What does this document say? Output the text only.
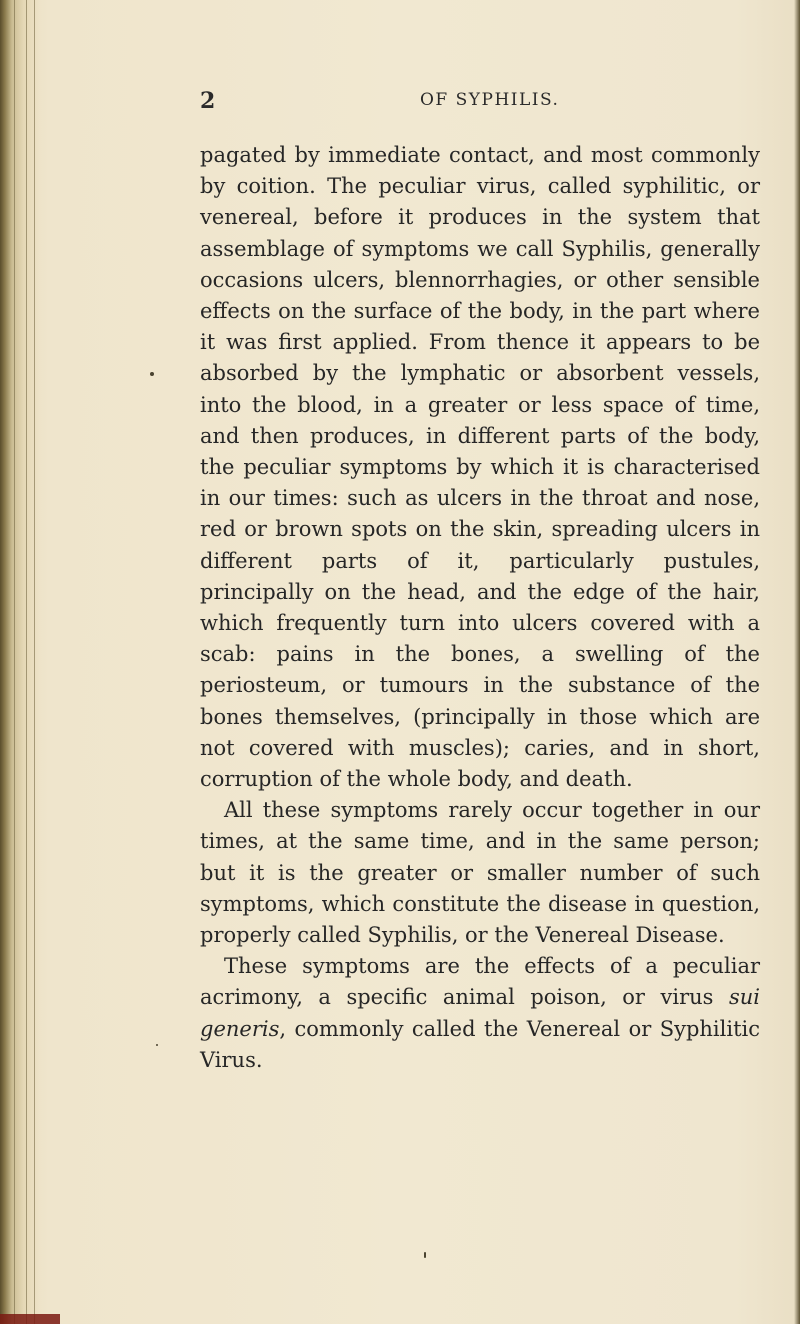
2	OF SYPHILIS.

pagated by immediate contact, and most commonly by coition. The peculiar virus, called syphilitic, or venereal, before it produces in the system that assemblage of symptoms we call Syphilis, generally occasions ulcers, blennorrhagies, or other sensible effects on the surface of the body, in the part where it was first applied. From thence it appears to be absorbed by the lymphatic or absorbent vessels, into the blood, in a greater or less space of time, and then produces, in different parts of the body, the peculiar symptoms by which it is characterised in our times: such as ulcers in the throat and nose, red or brown spots on the skin, spreading ulcers in different parts of it, particularly pustules, principally on the head, and the edge of the hair, which frequently turn into ulcers covered with a scab: pains in the bones, a swelling of the periosteum, or tumours in the substance of the bones themselves, (principally in those which are not covered with muscles); caries, and in short, corruption of the whole body, and death.

All these symptoms rarely occur together in our times, at the same time, and in the same person; but it is the greater or smaller number of such symptoms, which constitute the disease in question, properly called Syphilis, or the Venereal Disease.

These symptoms are the effects of a peculiar acrimony, a specific animal poison, or virus sui generis, commonly called the Venereal or Syphilitic Virus.
